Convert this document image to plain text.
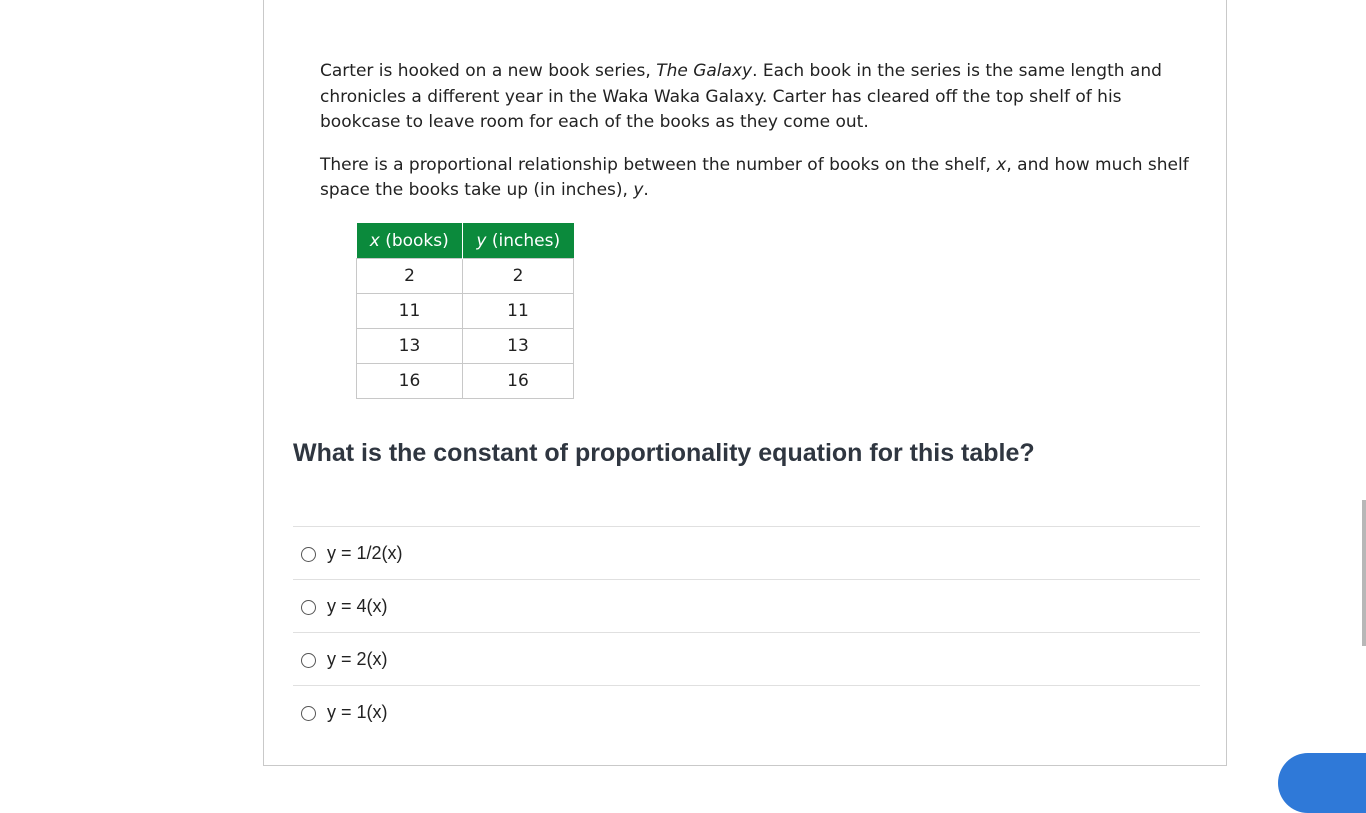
Carter is hooked on a new book series, The Galaxy. Each book in the series is the same length and chronicles a different year in the Waka Waka Galaxy. Carter has cleared off the top shelf of his bookcase to leave room for each of the books as they come out.

There is a proportional relationship between the number of books on the shelf, x, and how much shelf space the books take up (in inches), y.

x (books)	y (inches)
2	2
11	11
13	13
16	16
What is the constant of proportionality equation for this table?
y = 1/2(x)
y = 4(x)
y = 2(x)
y = 1(x)
